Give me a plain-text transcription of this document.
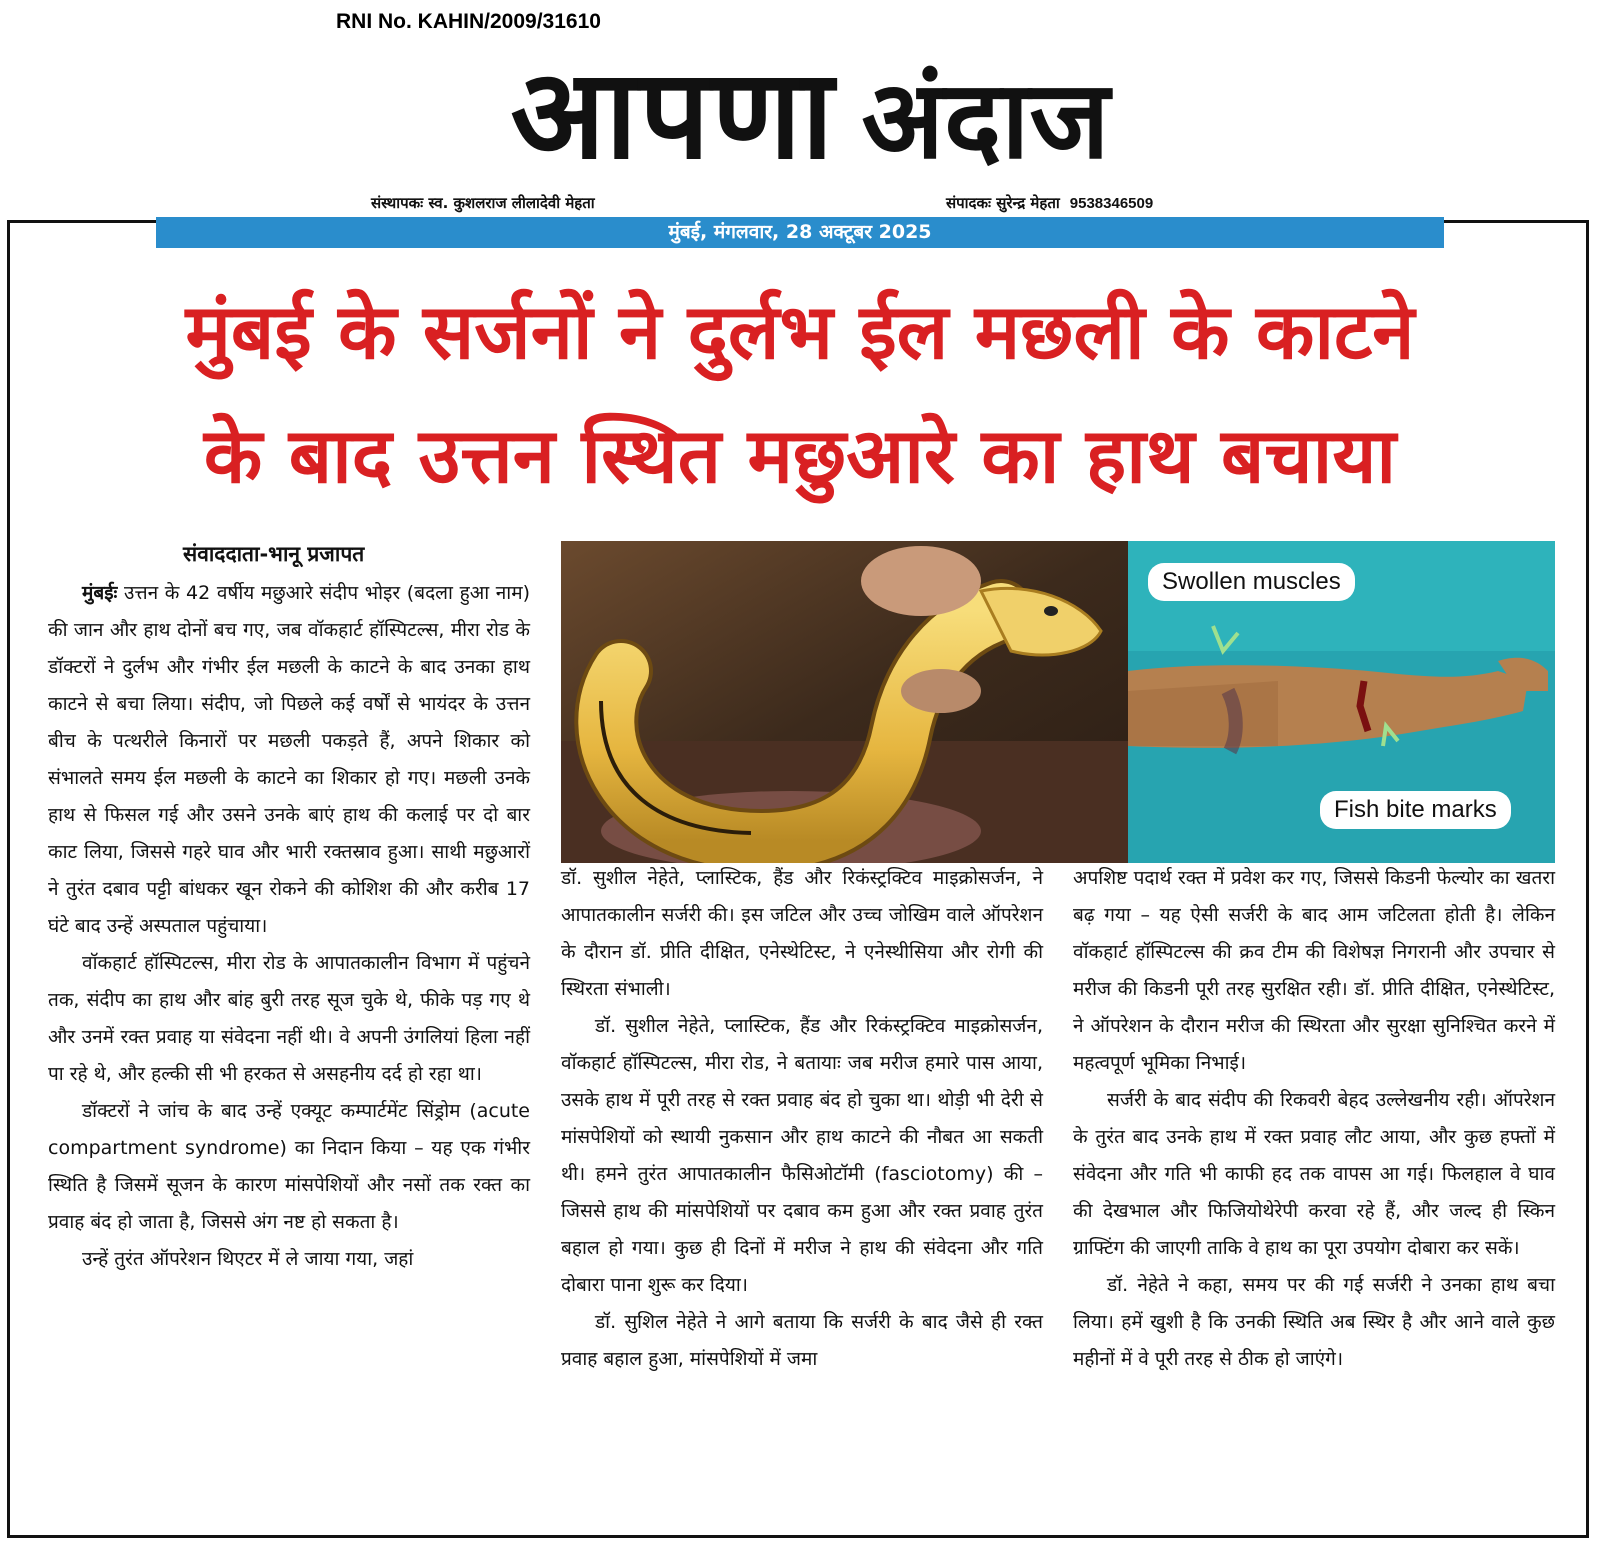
RNI No. KAHIN/2009/31610
आपणा अंदाज
संस्थापकः स्व. कुशलराज लीलादेवी मेहता	संपादकः सुरेन्द्र मेहता 9538346509
मुंबई, मंगलवार, 28 अक्टूबर 2025
मुंबई के सर्जनों ने दुर्लभ ईल मछली के काटने
के बाद उत्तन स्थित मछुआरे का हाथ बचाया
संवाददाता-भानू प्रजापत
Swollen muscles
Fish bite marks

मुंबईः उत्तन के 42 वर्षीय मछुआरे संदीप भोइर (बदला हुआ नाम) की जान और हाथ दोनों बच गए, जब वॉकहार्ट हॉस्पिटल्स, मीरा रोड के डॉक्टरों ने दुर्लभ और गंभीर ईल मछली के काटने के बाद उनका हाथ काटने से बचा लिया। संदीप, जो पिछले कई वर्षों से भायंदर के उत्तन बीच के पत्थरीले किनारों पर मछली पकड़ते हैं, अपने शिकार को संभालते समय ईल मछली के काटने का शिकार हो गए। मछली उनके हाथ से फिसल गई और उसने उनके बाएं हाथ की कलाई पर दो बार काट लिया, जिससे गहरे घाव और भारी रक्तस्राव हुआ। साथी मछुआरों ने तुरंत दबाव पट्टी बांधकर खून रोकने की कोशिश की और करीब 17 घंटे बाद उन्हें अस्पताल पहुंचाया।

वॉकहार्ट हॉस्पिटल्स, मीरा रोड के आपातकालीन विभाग में पहुंचने तक, संदीप का हाथ और बांह बुरी तरह सूज चुके थे, फीके पड़ गए थे और उनमें रक्त प्रवाह या संवेदना नहीं थी। वे अपनी उंगलियां हिला नहीं पा रहे थे, और हल्की सी भी हरकत से असहनीय दर्द हो रहा था।

डॉक्टरों ने जांच के बाद उन्हें एक्यूट कम्पार्टमेंट सिंड्रोम (acute compartment syndrome) का निदान किया – यह एक गंभीर स्थिति है जिसमें सूजन के कारण मांसपेशियों और नसों तक रक्त का प्रवाह बंद हो जाता है, जिससे अंग नष्ट हो सकता है।

उन्हें तुरंत ऑपरेशन थिएटर में ले जाया गया, जहां

डॉ. सुशील नेहेते, प्लास्टिक, हैंड और रिकंस्ट्रक्टिव माइक्रोसर्जन, ने आपातकालीन सर्जरी की। इस जटिल और उच्च जोखिम वाले ऑपरेशन के दौरान डॉ. प्रीति दीक्षित, एनेस्थेटिस्ट, ने एनेस्थीसिया और रोगी की स्थिरता संभाली।

डॉ. सुशील नेहेते, प्लास्टिक, हैंड और रिकंस्ट्रक्टिव माइक्रोसर्जन, वॉकहार्ट हॉस्पिटल्स, मीरा रोड, ने बतायाः जब मरीज हमारे पास आया, उसके हाथ में पूरी तरह से रक्त प्रवाह बंद हो चुका था। थोड़ी भी देरी से मांसपेशियों को स्थायी नुकसान और हाथ काटने की नौबत आ सकती थी। हमने तुरंत आपातकालीन फैसिओटॉमी (fasciotomy) की – जिससे हाथ की मांसपेशियों पर दबाव कम हुआ और रक्त प्रवाह तुरंत बहाल हो गया। कुछ ही दिनों में मरीज ने हाथ की संवेदना और गति दोबारा पाना शुरू कर दिया।

डॉ. सुशिल नेहेते ने आगे बताया कि सर्जरी के बाद जैसे ही रक्त प्रवाह बहाल हुआ, मांसपेशियों में जमा

अपशिष्ट पदार्थ रक्त में प्रवेश कर गए, जिससे किडनी फेल्योर का खतरा बढ़ गया – यह ऐसी सर्जरी के बाद आम जटिलता होती है। लेकिन वॉकहार्ट हॉस्पिटल्स की क्रव टीम की विशेषज्ञ निगरानी और उपचार से मरीज की किडनी पूरी तरह सुरक्षित रही। डॉ. प्रीति दीक्षित, एनेस्थेटिस्ट, ने ऑपरेशन के दौरान मरीज की स्थिरता और सुरक्षा सुनिश्चित करने में महत्वपूर्ण भूमिका निभाई।

सर्जरी के बाद संदीप की रिकवरी बेहद उल्लेखनीय रही। ऑपरेशन के तुरंत बाद उनके हाथ में रक्त प्रवाह लौट आया, और कुछ हफ्तों में संवेदना और गति भी काफी हद तक वापस आ गई। फिलहाल वे घाव की देखभाल और फिजियोथेरेपी करवा रहे हैं, और जल्द ही स्किन ग्राफ्टिंग की जाएगी ताकि वे हाथ का पूरा उपयोग दोबारा कर सकें।

डॉ. नेहेते ने कहा, समय पर की गई सर्जरी ने उनका हाथ बचा लिया। हमें खुशी है कि उनकी स्थिति अब स्थिर है और आने वाले कुछ महीनों में वे पूरी तरह से ठीक हो जाएंगे।
